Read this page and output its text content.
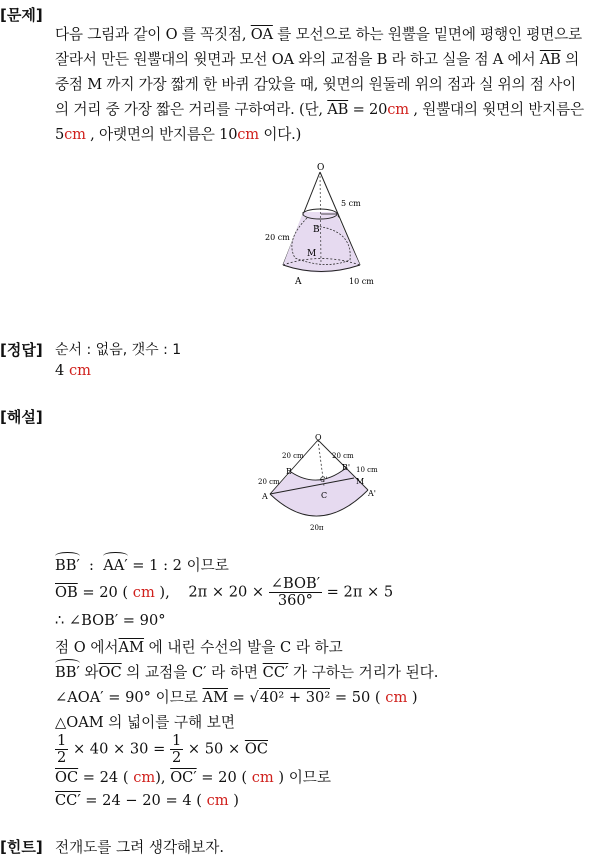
[문제]
다음 그림과 같이 O 를 꼭짓점, $\overline{OA}$ 를 모선으로 하는 원뿔을 밑면에 평행인 평면으로 잘라서 만든 원뿔대의 윗면과 모선 OA 와의 교점을 B 라 하고 실을 점 A 에서 $\overline{AB}$ 의 중점 M 까지 가장 짧게 한 바퀴 감았을 때, 윗면의 원둘레 위의 점과 실 위의 점 사이의 거리 중 가장 짧은 거리를 구하여라. (단, $\overline{AB} = 20cm$ , 원뿔대의 윗면의 반지름은 5cm , 아랫면의 반지름은 10cm 이다.)
O
B
M
A
5 cm
20 cm
10 cm
[정답] 순서 : 없음, 갯수 : 1
4 cm
[해설]
O
B	B'
C'	M
C
A	A'
20 cm	20 cm
20 cm
10 cm
20π
BB′ : AA′ = 1 : 2 이므로
$\overline{OB} = 20$ ( cm ), $2\pi \times 20 \times \frac{\text{∠BOB′}}{360^\circ} = 2\pi \times 5$
∴ ∠BOB′ = 90°
점 O 에서$\overline{AM}$ 에 내린 수선의 발을 C 라 하고
BB′ 와$\overline{OC}$ 의 교점을 C′ 라 하면 CC′ 가 구하는 거리가 된다.
∠AOA′ = 90° 이므로 $\overline{AM} = √40^2 + 30^2 = 50$ ( cm )
△OAM 의 넓이를 구해 보면
$\frac{1}{2} \times 40 \times 30 = \frac{1}{2} \times 50 \times \overline{OC}$
$\overline{OC} = 24$ ( cm), OC′ = 20 ( cm ) 이므로
CC′ = 24 − 20 = 4 ( cm )
[힌트] 전개도를 그려 생각해보자.
